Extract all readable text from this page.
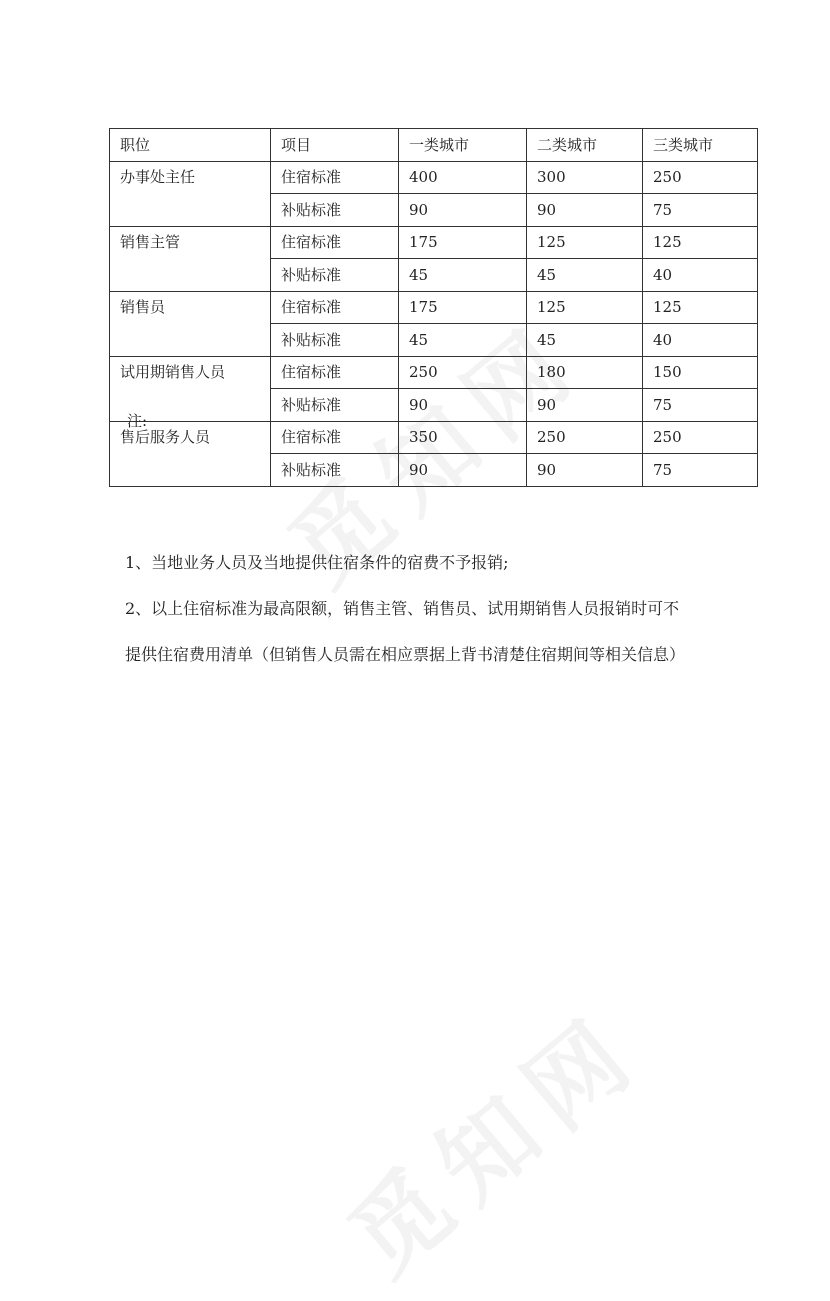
职位	项目	一类城市	二类城市	三类城市
办事处主任	住宿标准	400	300	250
	补贴标准	90	90	75
销售主管	住宿标准	175	125	125
	补贴标准	45	45	40
销售员	住宿标准	175	125	125
	补贴标准	45	45	40
试用期销售人员	住宿标准	250	180	150
	补贴标准	90	90	75
售后服务人员	住宿标准	350	250	250
	补贴标准	90	90	75
注:

1、当地业务人员及当地提供住宿条件的宿费不予报销;

2、以上住宿标准为最高限额，销售主管、销售员、试用期销售人员报销时可不

提供住宿费用清单（但销售人员需在相应票据上背书清楚住宿期间等相关信息）
